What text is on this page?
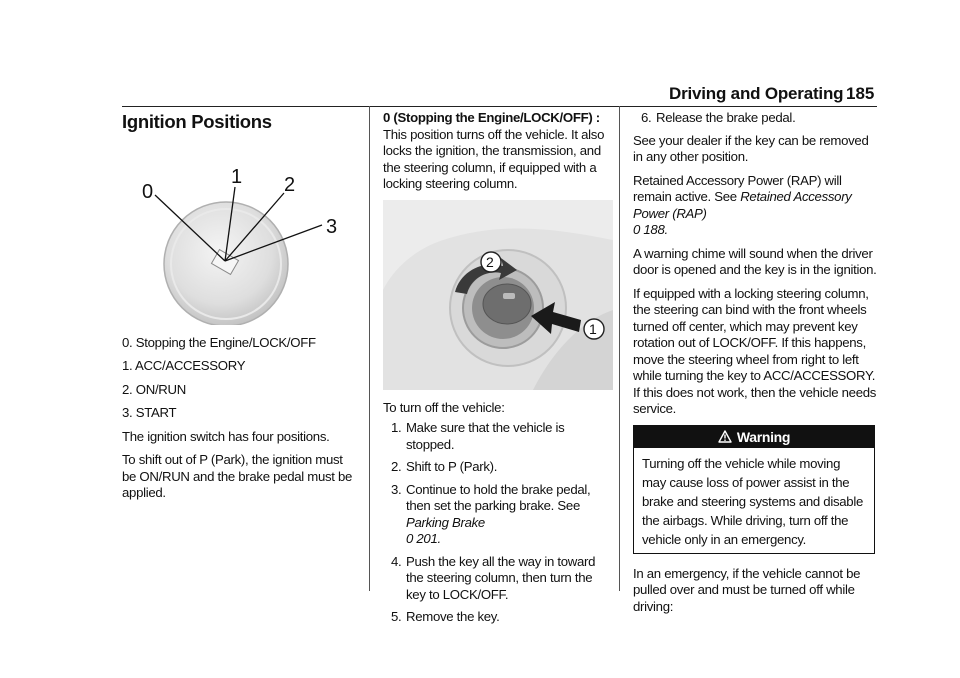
Driving and Operating 185
Ignition Positions
0
1 2
3

0. Stopping the Engine/LOCK/OFF

1. ACC/ACCESSORY

2. ON/RUN

3. START

The ignition switch has four positions.

To shift out of P (Park), the ignition must be ON/RUN and the brake pedal must be applied.

0 (Stopping the Engine/LOCK/OFF) : This position turns off the vehicle. It also locks the ignition, the transmission, and the steering column, if equipped with a locking steering column.

2
1

To turn off the vehicle:

1. Make sure that the vehicle is stopped.
2. Shift to P (Park).
3. Continue to hold the brake pedal, then set the parking brake. See Parking Brake
0 201.
4. Push the key all the way in toward the steering column, then turn the key to LOCK/OFF.
5. Remove the key.
6. Release the brake pedal.

See your dealer if the key can be removed in any other position.

Retained Accessory Power (RAP) will remain active. See Retained Accessory Power (RAP)
0 188.

A warning chime will sound when the driver door is opened and the key is in the ignition.

If equipped with a locking steering column, the steering can bind with the front wheels turned off center, which may prevent key rotation out of LOCK/OFF. If this happens, move the steering wheel from right to left while turning the key to ACC/ACCESSORY. If this does not work, then the vehicle needs service.

Warning
Turning off the vehicle while moving may cause loss of power assist in the brake and steering systems and disable the airbags. While driving, turn off the vehicle only in an emergency.

In an emergency, if the vehicle cannot be pulled over and must be turned off while driving:
